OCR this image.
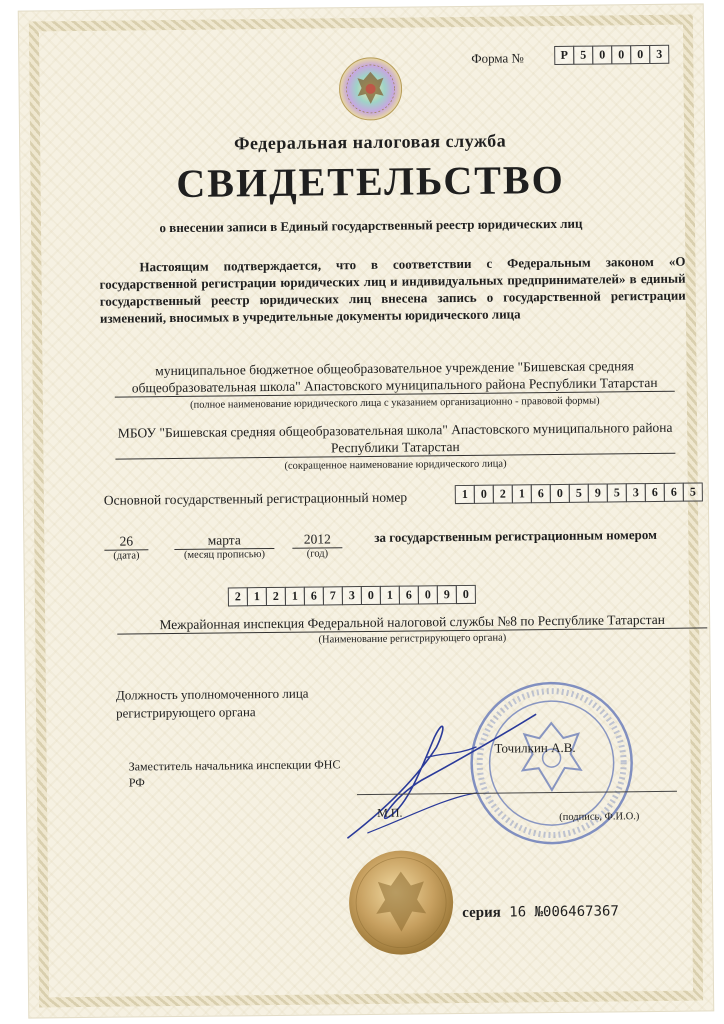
Форма №	Р	5	0	0	0	3
Федеральная налоговая служба
СВИДЕТЕЛЬСТВО
о внесении записи в Единый государственный реестр юридических лиц
Настоящим подтверждается, что в соответствии с Федеральным законом «О государственной регистрации юридических лиц и индивидуальных предпринимателей» в единый государственный реестр юридических лиц внесена запись о государственной регистрации изменений, вносимых в учредительные документы юридического лица
муниципальное бюджетное общеобразовательное учреждение "Бишевская средняя общеобразовательная школа" Апастовского муниципального района Республики Татарстан
(полное наименование юридического лица с указанием организационно - правовой формы)
МБОУ "Бишевская средняя общеобразовательная школа" Апастовского муниципального района Республики Татарстан
(сокращенное наименование юридического лица)
Основной государственный регистрационный номер	1	0	2	1	6	0	5	9	5	3	6	6	5
26	марта	2012
(дата)	(месяц прописью)	(год)
за государственным регистрационным номером
2	1	2	1	6	7	3	0	1	6	0	9	0
Межрайонная инспекция Федеральной налоговой службы №8 по Республике Татарстан
(Наименование регистрирующего органа)
Должность уполномоченного лица регистрирующего органа
Заместитель начальника инспекции ФНС РФ
Точилкин А.В.
М.П.	(подпись, Ф.И.О.)
серия 16 №006467367
